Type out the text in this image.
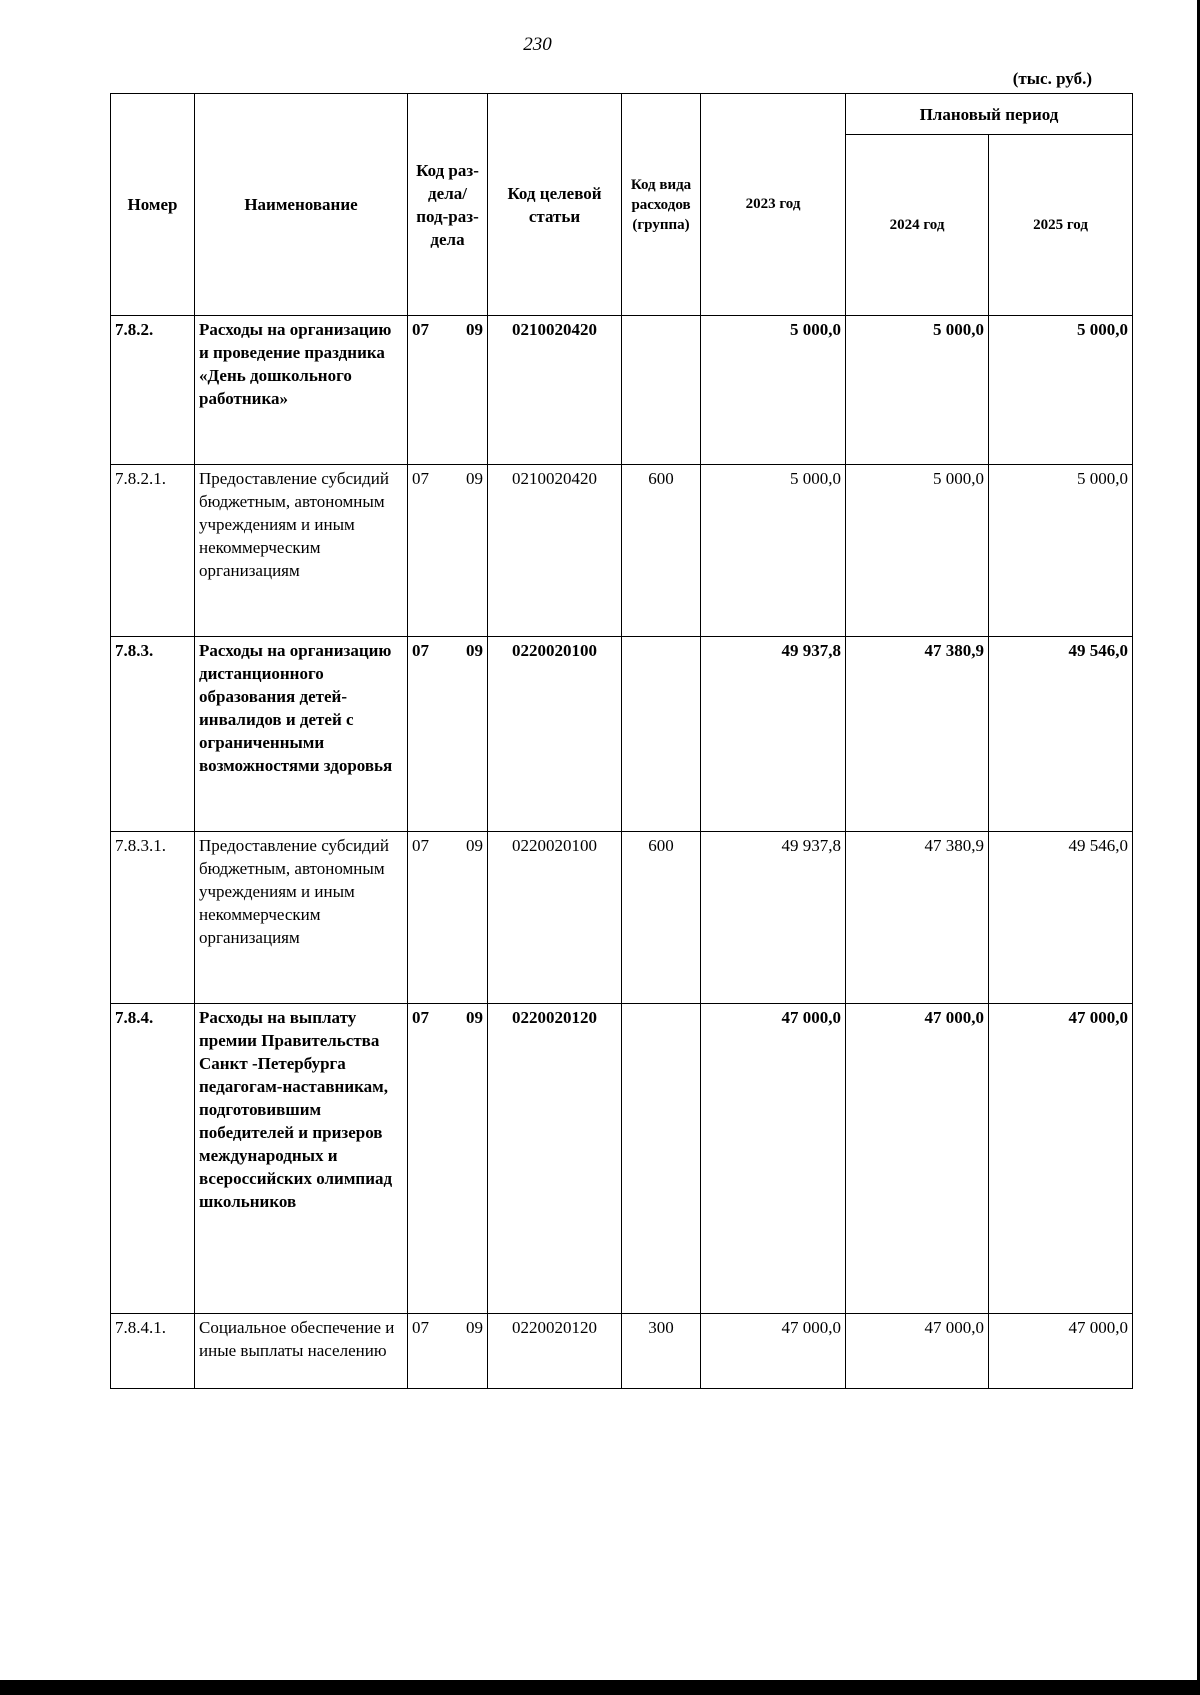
230
(тыс. руб.)
Номер	Наименование	Код раз-дела/ под-раз-дела	Код целевой статьи	Код вида расходов (группа)	2023 год	Плановый период	
						2024 год	2025 год
7.8.2.	Расходы на организацию и проведение праздника «День дошкольного работника»	07 09	0210020420		5 000,0	5 000,0	5 000,0
7.8.2.1.	Предоставление субсидий бюджетным, автономным учреждениям и иным некоммерческим организациям	07 09	0210020420	600	5 000,0	5 000,0	5 000,0
7.8.3.	Расходы на организацию дистанционного образования детей-инвалидов и детей с ограниченными возможностями здоровья	07 09	0220020100		49 937,8	47 380,9	49 546,0
7.8.3.1.	Предоставление субсидий бюджетным, автономным учреждениям и иным некоммерческим организациям	07 09	0220020100	600	49 937,8	47 380,9	49 546,0
7.8.4.	Расходы на выплату премии Правительства Санкт -Петербурга педагогам-наставникам, подготовившим победителей и призеров международных и всероссийских олимпиад школьников	07 09	0220020120		47 000,0	47 000,0	47 000,0
7.8.4.1.	Социальное обеспечение и иные выплаты населению	07 09	0220020120	300	47 000,0	47 000,0	47 000,0
